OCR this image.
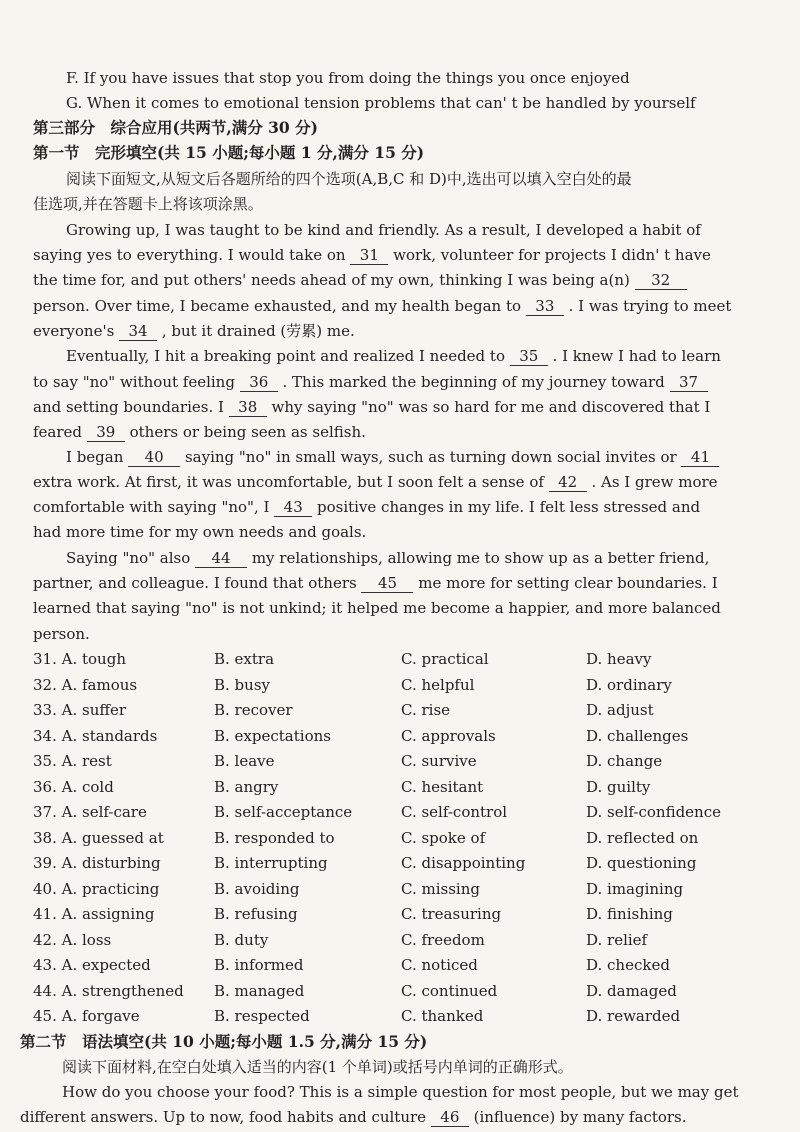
F. If you have issues that stop you from doing the things you once enjoyed
G. When it comes to emotional tension problems that can' t be handled by yourself
第三部分　综合应用(共两节,满分 30 分)
第一节　完形填空(共 15 小题;每小题 1 分,满分 15 分)
阅读下面短文,从短文后各题所给的四个选项(A,B,C 和 D)中,选出可以填入空白处的最
佳选项,并在答题卡上将该项涂黑。
Growing up, I was taught to be kind and friendly. As a result, I developed a habit of
saying yes to everything. I would take on 31 work, volunteer for projects I didn' t have
the time for, and put others' needs ahead of my own, thinking I was being a(n) 32
person. Over time, I became exhausted, and my health began to 33 . I was trying to meet
everyone's 34 , but it drained (劳累) me.
Eventually, I hit a breaking point and realized I needed to 35 . I knew I had to learn
to say "no" without feeling 36 . This marked the beginning of my journey toward 37
and setting boundaries. I 38 why saying "no" was so hard for me and discovered that I
feared 39 others or being seen as selfish.
I began 40 saying "no" in small ways, such as turning down social invites or 41
extra work. At first, it was uncomfortable, but I soon felt a sense of 42 . As I grew more
comfortable with saying "no", I 43 positive changes in my life. I felt less stressed and
had more time for my own needs and goals.
Saying "no" also 44 my relationships, allowing me to show up as a better friend,
partner, and colleague. I found that others 45 me more for setting clear boundaries. I
learned that saying "no" is not unkind; it helped me become a happier, and more balanced
person.
31. A. tough	B. extra	C. practical	D. heavy
32. A. famous	B. busy	C. helpful	D. ordinary
33. A. suffer	B. recover	C. rise	D. adjust
34. A. standards	B. expectations	C. approvals	D. challenges
35. A. rest	B. leave	C. survive	D. change
36. A. cold	B. angry	C. hesitant	D. guilty
37. A. self-care	B. self-acceptance	C. self-control	D. self-confidence
38. A. guessed at	B. responded to	C. spoke of	D. reflected on
39. A. disturbing	B. interrupting	C. disappointing	D. questioning
40. A. practicing	B. avoiding	C. missing	D. imagining
41. A. assigning	B. refusing	C. treasuring	D. finishing
42. A. loss	B. duty	C. freedom	D. relief
43. A. expected	B. informed	C. noticed	D. checked
44. A. strengthened B. managed	C. continued	D. damaged
45. A. forgave	B. respected	C. thanked	D. rewarded
第二节　语法填空(共 10 小题;每小题 1.5 分,满分 15 分)
阅读下面材料,在空白处填入适当的内容(1 个单词)或括号内单词的正确形式。
How do you choose your food? This is a simple question for most people, but we may get
different answers. Up to now, food habits and culture 46 (influence) by many factors.
